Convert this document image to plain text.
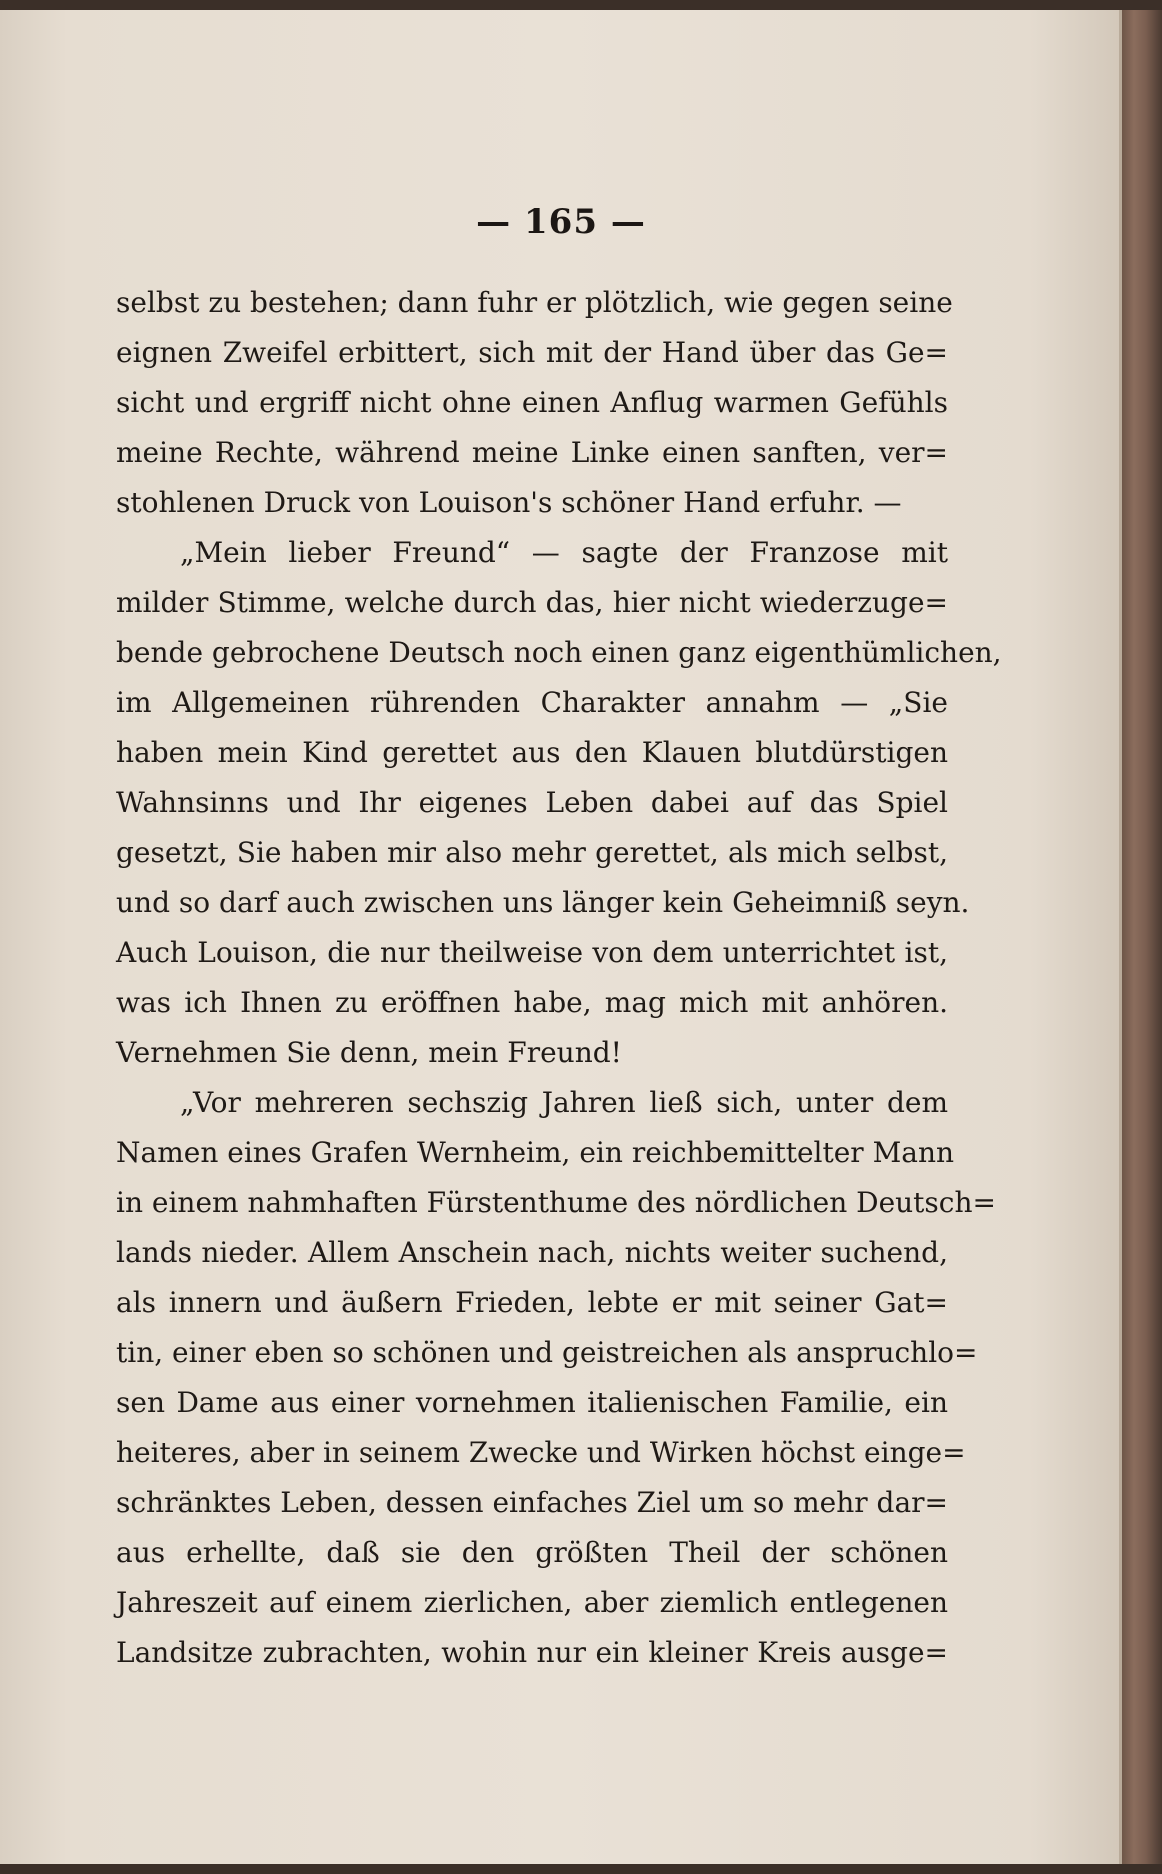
— 165 —
selbst zu bestehen; dann fuhr er plötzlich, wie gegen seine
eignen Zweifel erbittert, sich mit der Hand über das Ge=
sicht und ergriff nicht ohne einen Anflug warmen Gefühls
meine Rechte, während meine Linke einen sanften, ver=
stohlenen Druck von Louison's schöner Hand erfuhr. —
„Mein lieber Freund“ — sagte der Franzose mit
milder Stimme, welche durch das, hier nicht wiederzuge=
bende gebrochene Deutsch noch einen ganz eigenthümlichen,
im Allgemeinen rührenden Charakter annahm — „Sie
haben mein Kind gerettet aus den Klauen blutdürstigen
Wahnsinns und Ihr eigenes Leben dabei auf das Spiel
gesetzt, Sie haben mir also mehr gerettet, als mich selbst,
und so darf auch zwischen uns länger kein Geheimniß seyn.
Auch Louison, die nur theilweise von dem unterrichtet ist,
was ich Ihnen zu eröffnen habe, mag mich mit anhören.
Vernehmen Sie denn, mein Freund!
„Vor mehreren sechszig Jahren ließ sich, unter dem
Namen eines Grafen Wernheim, ein reichbemittelter Mann
in einem nahmhaften Fürstenthume des nördlichen Deutsch=
lands nieder. Allem Anschein nach, nichts weiter suchend,
als innern und äußern Frieden, lebte er mit seiner Gat=
tin, einer eben so schönen und geistreichen als anspruchlo=
sen Dame aus einer vornehmen italienischen Familie, ein
heiteres, aber in seinem Zwecke und Wirken höchst einge=
schränktes Leben, dessen einfaches Ziel um so mehr dar=
aus erhellte, daß sie den größten Theil der schönen
Jahreszeit auf einem zierlichen, aber ziemlich entlegenen
Landsitze zubrachten, wohin nur ein kleiner Kreis ausge=
